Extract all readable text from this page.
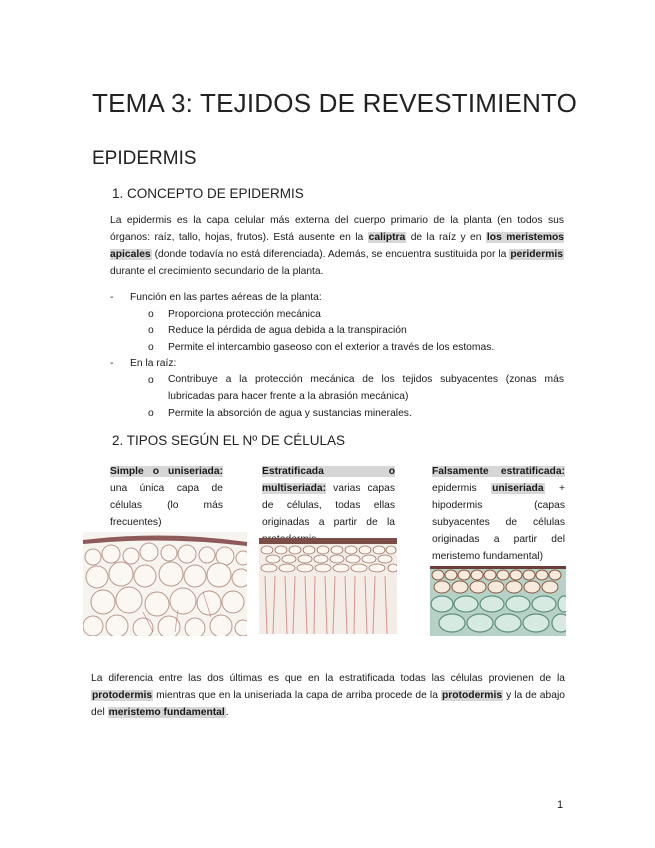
TEMA 3: TEJIDOS DE REVESTIMIENTO
EPIDERMIS
1. CONCEPTO DE EPIDERMIS
La epidermis es la capa celular más externa del cuerpo primario de la planta (en todos sus órganos: raíz, tallo, hojas, frutos). Está ausente en la caliptra de la raíz y en los meristemos apicales (donde todavía no está diferenciada). Además, se encuentra sustituida por la peridermis durante el crecimiento secundario de la planta.
- Función en las partes aéreas de la planta:
o Proporciona protección mecánica
o Reduce la pérdida de agua debida a la transpiración
o Permite el intercambio gaseoso con el exterior a través de los estomas.
- En la raíz:
o Contribuye a la protección mecánica de los tejidos subyacentes (zonas más lubricadas para hacer frente a la abrasión mecánica)
o Permite la absorción de agua y sustancias minerales.
2. TIPOS SEGÚN EL Nº DE CÉLULAS
Simple o uniseriada: una única capa de células (lo más frecuentes)
Estratificada o multiseriada: varias capas de células, todas ellas originadas a partir de la
Falsamente estratificada: epidermis uniseriada + hipodermis (capas subyacentes de células originadas a partir del meristemo fundamental)
La diferencia entre las dos últimas es que en la estratificada todas las células provienen de la protodermis mientras que en la uniseriada la capa de arriba procede de la protodermis y la de abajo del meristemo fundamental.
1
